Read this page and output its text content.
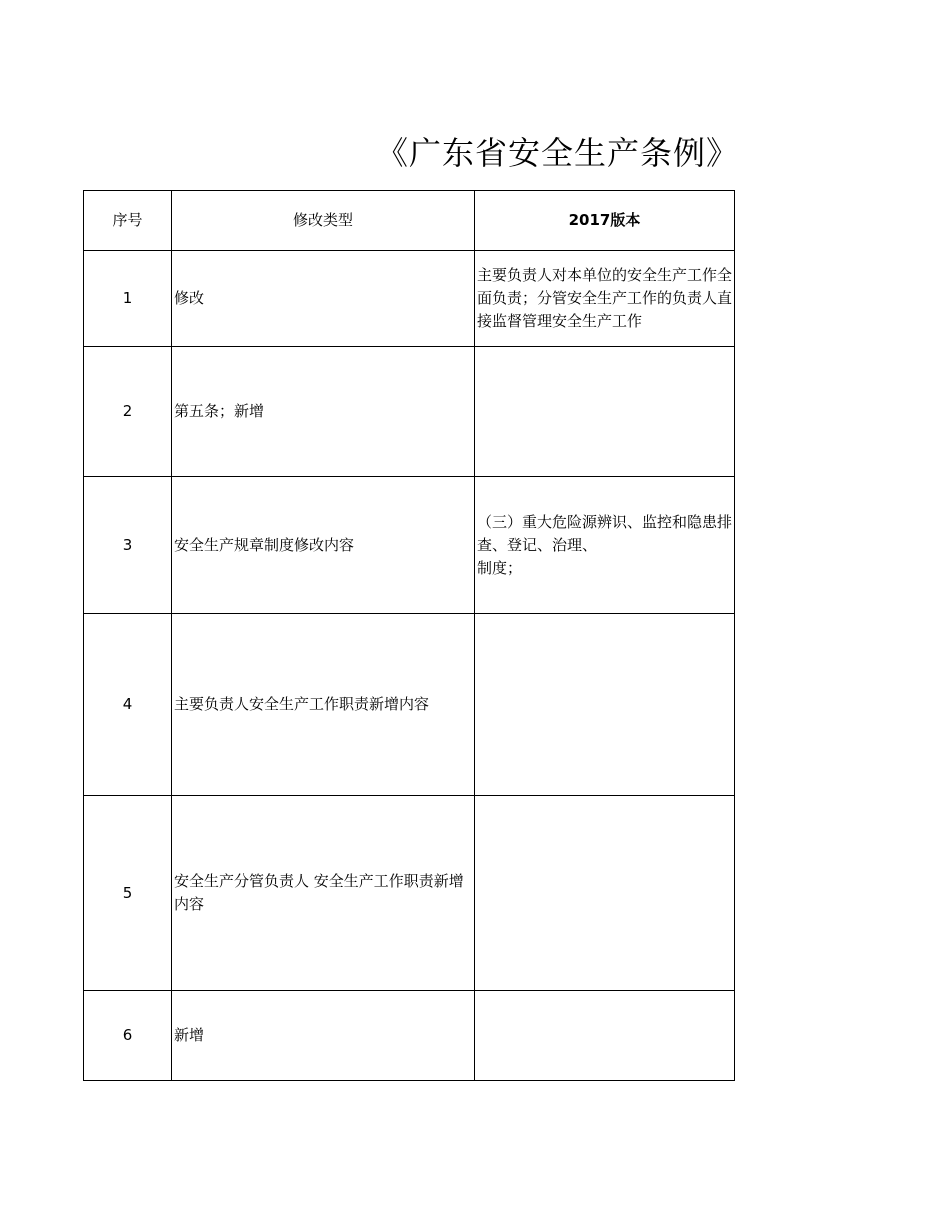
《广东省安全生产条例》
序号	修改类型	2017版本
1	修改	主要负责人对本单位的安全生产工作全面负责；分管安全生产工作的负责人直接监督管理安全生产工作
2	第五条；新增	
3	安全生产规章制度修改内容	（三）重大危险源辨识、监控和隐患排查、登记、治理、
制度；
4	主要负责人安全生产工作职责新增内容	
5	安全生产分管负责人 安全生产工作职责新增内容	
6	新增	
